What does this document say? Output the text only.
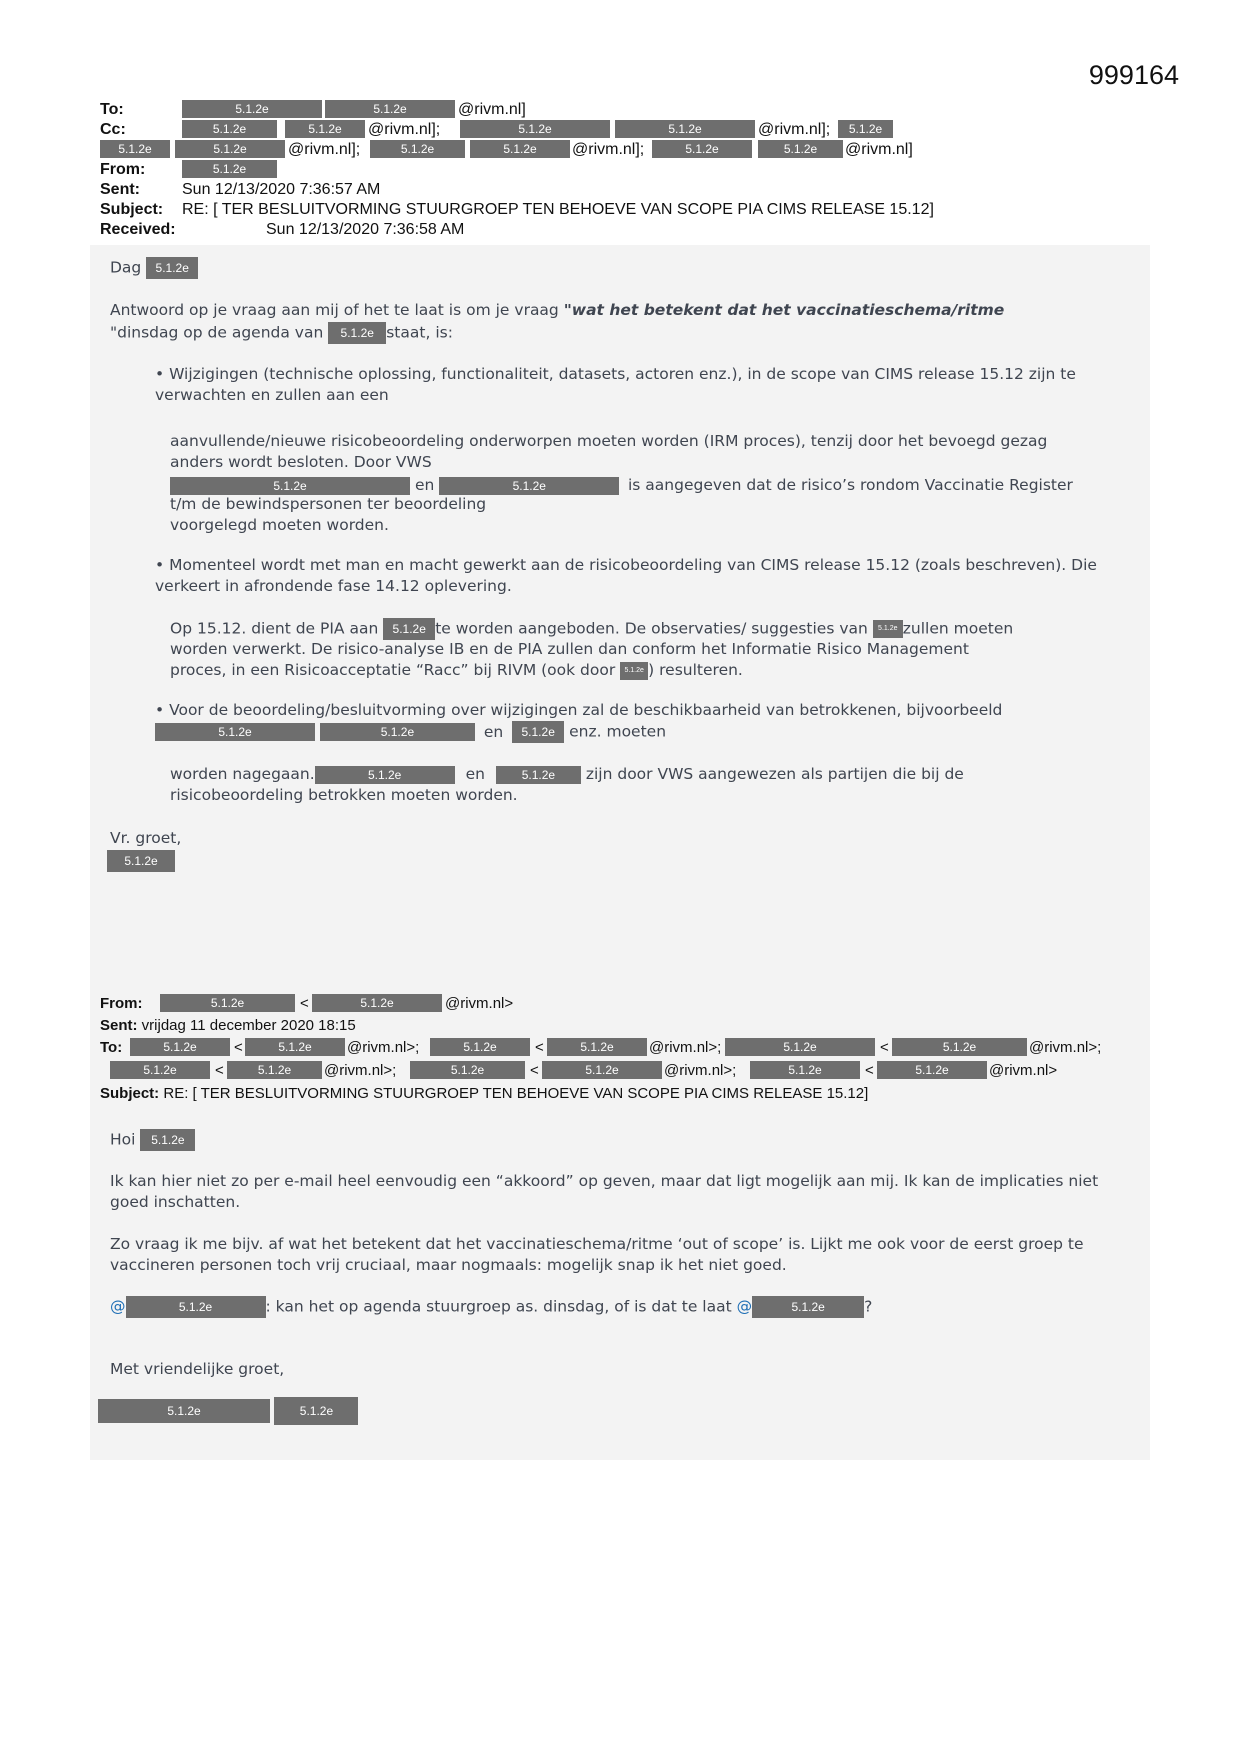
999164
To:	5.1.2e	5.1.2e	@rivm.nl]
Cc:	5.1.2e	5.1.2e	@rivm.nl];	5.1.2e	5.1.2e	@rivm.nl];	5.1.2e
5.1.2e	5.1.2e	@rivm.nl];	5.1.2e	5.1.2e	@rivm.nl];	5.1.2e	5.1.2e	@rivm.nl]
From:	5.1.2e
Sent:	Sun 12/13/2020 7:36:57 AM
Subject: RE: [ TER BESLUITVORMING STUURGROEP TEN BEHOEVE VAN SCOPE PIA CIMS RELEASE 15.12]
Received:	Sun 12/13/2020 7:36:58 AM
Dag 5.1.2e
Antwoord op je vraag aan mij of het te laat is om je vraag "wat het betekent dat het vaccinatieschema/ritme
"dinsdag op de agenda van 5.1.2e staat, is:
• Wijzigingen (technische oplossing, functionaliteit, datasets, actoren enz.), in de scope van CIMS release 15.12 zijn te verwachten en zullen aan een
aanvullende/nieuwe risicobeoordeling onderworpen moeten worden (IRM proces), tenzij door het bevoegd gezag anders wordt besloten. Door VWS
5.1.2e	en	5.1.2e	is aangegeven dat de risico’s rondom Vaccinatie Register
t/m de bewindspersonen ter beoordeling
voorgelegd moeten worden.
• Momenteel wordt met man en macht gewerkt aan de risicobeoordeling van CIMS release 15.12 (zoals beschreven). Die verkeert in afrondende fase 14.12 oplevering.
Op 15.12. dient de PIA aan 5.1.2e te worden aangeboden. De observaties/ suggesties van 5.1.2e zullen moeten
worden verwerkt. De risico-analyse IB en de PIA zullen dan conform het Informatie Risico Management
proces, in een Risicoacceptatie “Racc” bij RIVM (ook door 5.1.2e ) resulteren.
• Voor de beoordeling/besluitvorming over wijzigingen zal de beschikbaarheid van betrokkenen, bijvoorbeeld
5.1.2e	5.1.2e	en 5.1.2e enz. moeten
worden nagegaan.	5.1.2e	en	5.1.2e zijn door VWS aangewezen als partijen die bij de
risicobeoordeling betrokken moeten worden.
Vr. groet,
5.1.2e
From:	5.1.2e	<	5.1.2e	@rivm.nl>
Sent: vrijdag 11 december 2020 18:15
To:	5.1.2e	<	5.1.2e	@rivm.nl>;	5.1.2e	<	5.1.2e	@rivm.nl>;	5.1.2e	<	5.1.2e	@rivm.nl>;
5.1.2e	<	5.1.2e	@rivm.nl>;	5.1.2e	<	5.1.2e	@rivm.nl>;	5.1.2e	<	5.1.2e	@rivm.nl>
Subject: RE: [ TER BESLUITVORMING STUURGROEP TEN BEHOEVE VAN SCOPE PIA CIMS RELEASE 15.12]
Hoi 5.1.2e
Ik kan hier niet zo per e-mail heel eenvoudig een “akkoord” op geven, maar dat ligt mogelijk aan mij. Ik kan de implicaties niet goed inschatten.
Zo vraag ik me bijv. af wat het betekent dat het vaccinatieschema/ritme ‘out of scope’ is. Lijkt me ook voor de eerst groep te vaccineren personen toch vrij cruciaal, maar nogmaals: mogelijk snap ik het niet goed.
@	5.1.2e	: kan het op agenda stuurgroep as. dinsdag, of is dat te laat @	5.1.2e	?
Met vriendelijke groet,
5.1.2e	5.1.2e
